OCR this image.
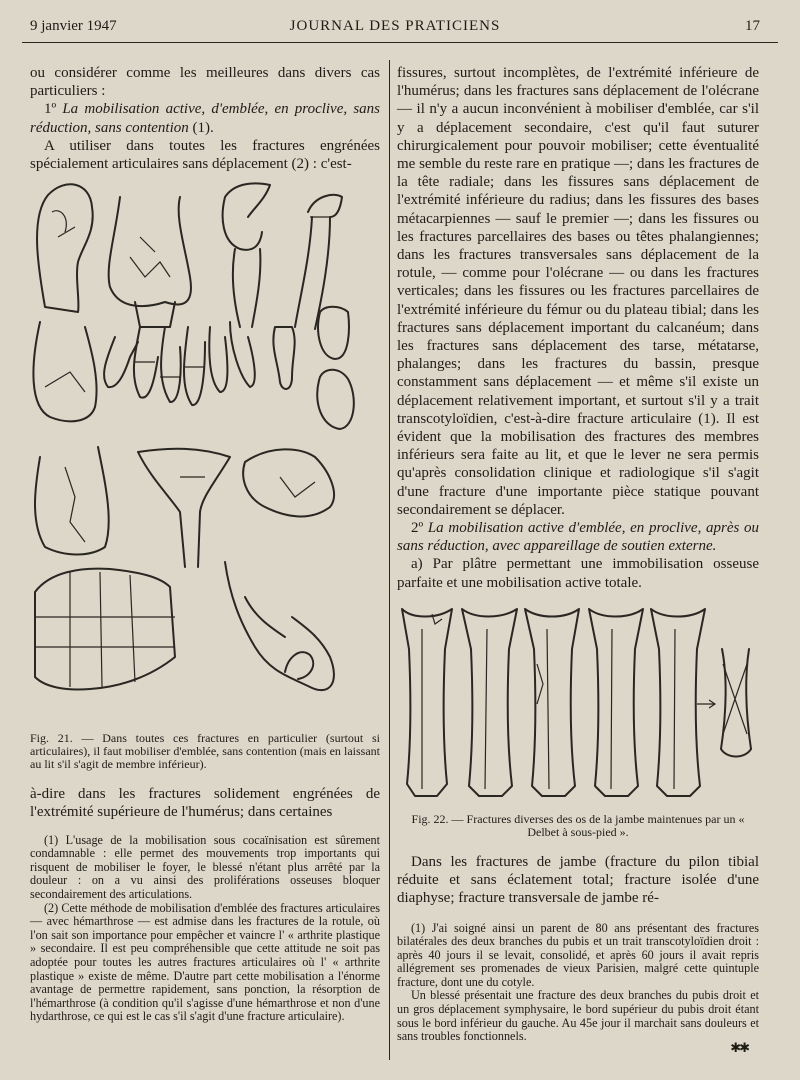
9 janvier 1947	JOURNAL DES PRATICIENS	17

ou considérer comme les meilleures dans divers cas particuliers :

1º La mobilisation active, d'emblée, en proclive, sans réduction, sans contention (1).

A utiliser dans toutes les fractures engrénées spécialement articulaires sans déplacement (2) : c'est-

Fig. 21. — Dans toutes ces fractures en particulier (surtout si articulaires), il faut mobiliser d'emblée, sans contention (mais en laissant au lit s'il s'agit de membre inférieur).

à-dire dans les fractures solidement engrénées de l'extrémité supérieure de l'humérus; dans certaines

(1) L'usage de la mobilisation sous cocaïnisation est sûrement condamnable : elle permet des mouvements trop importants qui risquent de mobiliser le foyer, le blessé n'étant plus arrêté par la douleur : on a vu ainsi des proliférations osseuses bloquer secondairement des articulations.

(2) Cette méthode de mobilisation d'emblée des fractures articulaires — avec hémarthrose — est admise dans les fractures de la rotule, où l'on sait son importance pour empêcher et vaincre l' « arthrite plastique » secondaire. Il est peu compréhensible que cette attitude ne soit pas adoptée pour toutes les autres fractures articulaires où l' « arthrite plastique » existe de même. D'autre part cette mobilisation a l'énorme avantage de permettre rapidement, sans ponction, la résorption de l'hémarthrose (à condition qu'il s'agisse d'une hémarthrose et non d'une hydarthrose, ce qui est le cas s'il s'agit d'une fracture articulaire).

fissures, surtout incomplètes, de l'extrémité inférieure de l'humérus; dans les fractures sans déplacement de l'olécrane — il n'y a aucun inconvénient à mobiliser d'emblée, car s'il y a déplacement secondaire, c'est qu'il faut suturer chirurgicalement pour pouvoir mobiliser; cette éventualité me semble du reste rare en pratique —; dans les fractures de la tête radiale; dans les fissures sans déplacement de l'extrémité inférieure du radius; dans les fissures des bases métacarpiennes — sauf le premier —; dans les fissures ou les fractures parcellaires des bases ou têtes phalangiennes; dans les fractures transversales sans déplacement de la rotule, — comme pour l'olécrane — ou dans les fractures verticales; dans les fissures ou les fractures parcellaires de l'extrémité inférieure du fémur ou du plateau tibial; dans les fractures sans déplacement important du calcanéum; dans les fractures sans déplacement des tarse, métatarse, phalanges; dans les fractures du bassin, presque constamment sans déplacement — et même s'il existe un déplacement relativement important, et surtout s'il y a trait transcotyloïdien, c'est-à-dire fracture articulaire (1). Il est évident que la mobilisation des fractures des membres inférieurs sera faite au lit, et que le lever ne sera permis qu'après consolidation clinique et radiologique s'il s'agit d'une fracture d'une importante pièce statique pouvant secondairement se déplacer.

2º La mobilisation active d'emblée, en proclive, après ou sans réduction, avec appareillage de soutien externe.

a) Par plâtre permettant une immobilisation osseuse parfaite et une mobilisation active totale.

Fig. 22. — Fractures diverses des os de la jambe maintenues par un « Delbet à sous-pied ».

Dans les fractures de jambe (fracture du pilon tibial réduite et sans éclatement total; fracture isolée d'une diaphyse; fracture transversale de jambe ré-

(1) J'ai soigné ainsi un parent de 80 ans présentant des fractures bilatérales des deux branches du pubis et un trait transcotyloïdien droit : après 40 jours il se levait, consolidé, et après 60 jours il avait repris allégrement ses promenades de vieux Parisien, malgré cette quintuple fracture, dont une du cotyle.

Un blessé présentait une fracture des deux branches du pubis droit et un gros déplacement symphysaire, le bord supérieur du pubis droit étant sous le bord inférieur du gauche. Au 45e jour il marchait sans douleurs et sans troubles fonctionnels.

✱✱
